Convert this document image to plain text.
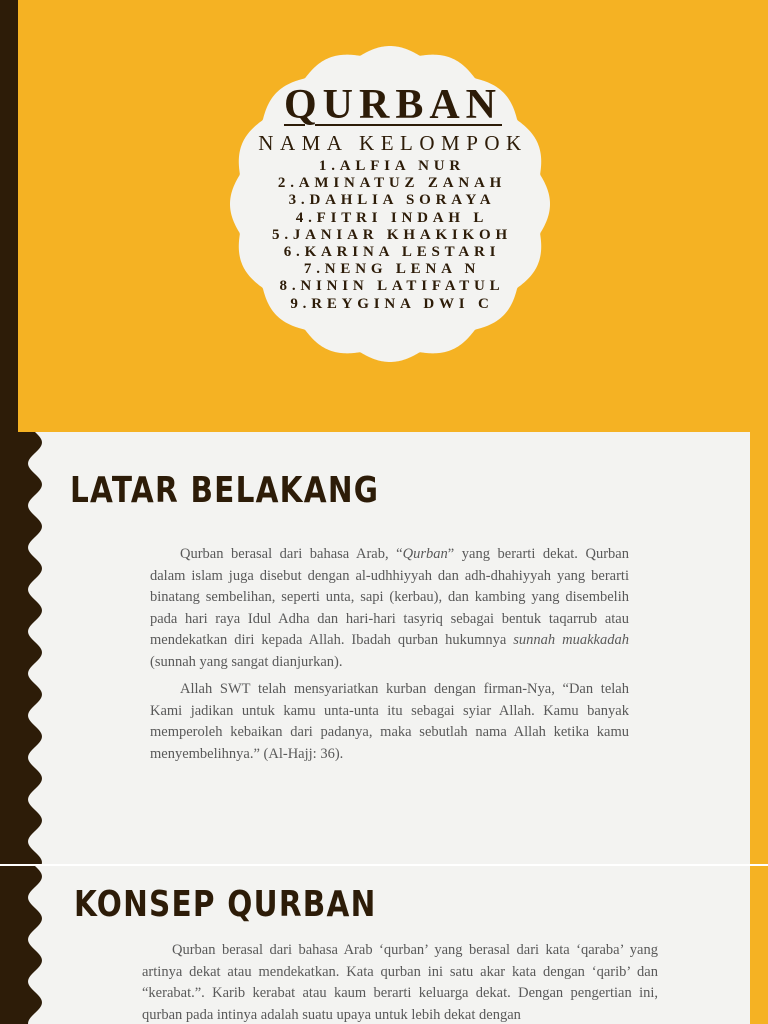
QURBAN
NAMA KELOMPOK
1.ALFIA NUR
2.AMINATUZ ZANAH
3.DAHLIA SORAYA
4.FITRI INDAH L
5.JANIAR KHAKIKOH
6.KARINA LESTARI
7.NENG LENA N
8.NININ LATIFATUL
9.REYGINA DWI C
LATAR BELAKANG

Qurban berasal dari bahasa Arab, “Qurban” yang berarti dekat. Qurban dalam islam juga disebut dengan al-udhhiyyah dan adh-dhahiyyah yang berarti binatang sembelihan, seperti unta, sapi (kerbau), dan kambing yang disembelih pada hari raya Idul Adha dan hari-hari tasyriq sebagai bentuk taqarrub atau mendekatkan diri kepada Allah. Ibadah qurban hukumnya sunnah muakkadah (sunnah yang sangat dianjurkan).

Allah SWT telah mensyariatkan kurban dengan firman-Nya, “Dan telah Kami jadikan untuk kamu unta-unta itu sebagai syiar Allah. Kamu banyak memperoleh kebaikan dari padanya, maka sebutlah nama Allah ketika kamu menyembelihnya.” (Al-Hajj: 36).

KONSEP QURBAN

Qurban berasal dari bahasa Arab ‘qurban’ yang berasal dari kata ‘qaraba’ yang artinya dekat atau mendekatkan. Kata qurban ini satu akar kata dengan ‘qarib’ dan “kerabat.”. Karib kerabat atau kaum berarti keluarga dekat. Dengan pengertian ini, qurban pada intinya adalah suatu upaya untuk lebih dekat dengan
